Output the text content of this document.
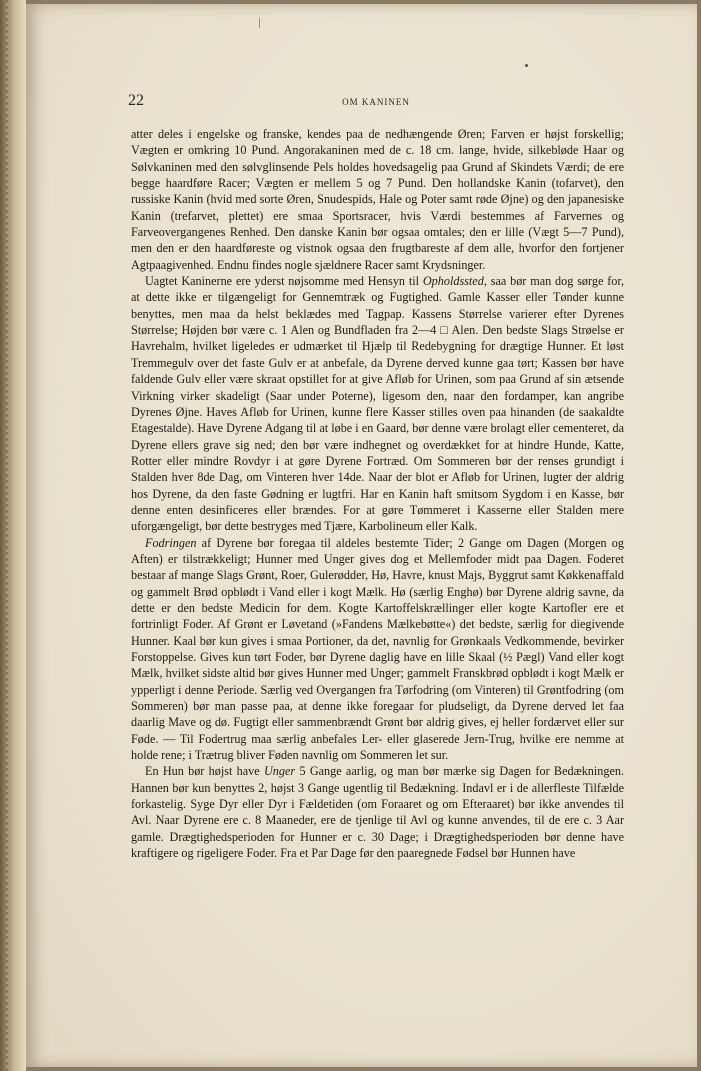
22	OM KANINEN

atter deles i engelske og franske, kendes paa de nedhængende Øren; Farven er højst forskellig; Vægten er omkring 10 Pund. Angorakaninen med de c. 18 cm. lange, hvide, silkebløde Haar og Sølvkaninen med den sølvglinsende Pels holdes hovedsagelig paa Grund af Skindets Værdi; de ere begge haardføre Racer; Vægten er mellem 5 og 7 Pund. Den hollandske Kanin (tofarvet), den russiske Kanin (hvid med sorte Øren, Snudespids, Hale og Poter samt røde Øjne) og den japanesiske Kanin (trefarvet, plettet) ere smaa Sportsracer, hvis Værdi bestemmes af Farvernes og Farveovergangenes Renhed. Den danske Kanin bør ogsaa omtales; den er lille (Vægt 5—7 Pund), men den er den haardføreste og vistnok ogsaa den frugtbareste af dem alle, hvorfor den fortjener Agtpaagivenhed. Endnu findes nogle sjældnere Racer samt Krydsninger.

Uagtet Kaninerne ere yderst nøjsomme med Hensyn til Opholdssted, saa bør man dog sørge for, at dette ikke er tilgængeligt for Gennemtræk og Fugtighed. Gamle Kasser eller Tønder kunne benyttes, men maa da helst beklædes med Tagpap. Kassens Størrelse varierer efter Dyrenes Størrelse; Højden bør være c. 1 Alen og Bundfladen fra 2—4 □ Alen. Den bedste Slags Strøelse er Havrehalm, hvilket ligeledes er udmærket til Hjælp til Redebygning for drægtige Hunner. Et løst Tremmegulv over det faste Gulv er at anbefale, da Dyrene derved kunne gaa tørt; Kassen bør have faldende Gulv eller være skraat opstillet for at give Afløb for Urinen, som paa Grund af sin ætsende Virkning virker skadeligt (Saar under Poterne), ligesom den, naar den fordamper, kan angribe Dyrenes Øjne. Haves Afløb for Urinen, kunne flere Kasser stilles oven paa hinanden (de saakaldte Etagestalde). Have Dyrene Adgang til at løbe i en Gaard, bør denne være brolagt eller cementeret, da Dyrene ellers grave sig ned; den bør være indhegnet og overdækket for at hindre Hunde, Katte, Rotter eller mindre Rovdyr i at gøre Dyrene Fortræd. Om Sommeren bør der renses grundigt i Stalden hver 8de Dag, om Vinteren hver 14de. Naar der blot er Afløb for Urinen, lugter der aldrig hos Dyrene, da den faste Gødning er lugtfri. Har en Kanin haft smitsom Sygdom i en Kasse, bør denne enten desinficeres eller brændes. For at gøre Tømmeret i Kasserne eller Stalden mere uforgængeligt, bør dette bestryges med Tjære, Karbolineum eller Kalk.

Fodringen af Dyrene bør foregaa til aldeles bestemte Tider; 2 Gange om Dagen (Morgen og Aften) er tilstrækkeligt; Hunner med Unger gives dog et Mellemfoder midt paa Dagen. Foderet bestaar af mange Slags Grønt, Roer, Gulerødder, Hø, Havre, knust Majs, Byggrut samt Køkkenaffald og gammelt Brød opblødt i Vand eller i kogt Mælk. Hø (særlig Enghø) bør Dyrene aldrig savne, da dette er den bedste Medicin for dem. Kogte Kartoffelskrællinger eller kogte Kartofler ere et fortrinligt Foder. Af Grønt er Løvetand (»Fandens Mælkebøtte«) det bedste, særlig for diegivende Hunner. Kaal bør kun gives i smaa Portioner, da det, navnlig for Grønkaals Vedkommende, bevirker Forstoppelse. Gives kun tørt Foder, bør Dyrene daglig have en lille Skaal (½ Pægl) Vand eller kogt Mælk, hvilket sidste altid bør gives Hunner med Unger; gammelt Franskbrød opblødt i kogt Mælk er ypperligt i denne Periode. Særlig ved Overgangen fra Tørfodring (om Vinteren) til Grøntfodring (om Sommeren) bør man passe paa, at denne ikke foregaar for pludseligt, da Dyrene derved let faa daarlig Mave og dø. Fugtigt eller sammenbrændt Grønt bør aldrig gives, ej heller fordærvet eller sur Føde. — Til Fodertrug maa særlig anbefales Ler- eller glaserede Jern-Trug, hvilke ere nemme at holde rene; i Trætrug bliver Føden navnlig om Sommeren let sur.

En Hun bør højst have Unger 5 Gange aarlig, og man bør mærke sig Dagen for Bedækningen. Hannen bør kun benyttes 2, højst 3 Gange ugentlig til Bedækning. Indavl er i de allerfleste Tilfælde forkastelig. Syge Dyr eller Dyr i Fældetiden (om Foraaret og om Efteraaret) bør ikke anvendes til Avl. Naar Dyrene ere c. 8 Maaneder, ere de tjenlige til Avl og kunne anvendes, til de ere c. 3 Aar gamle. Drægtighedsperioden for Hunner er c. 30 Dage; i Drægtighedsperioden bør denne have kraftigere og rigeligere Foder. Fra et Par Dage før den paaregnede Fødsel bør Hunnen have
